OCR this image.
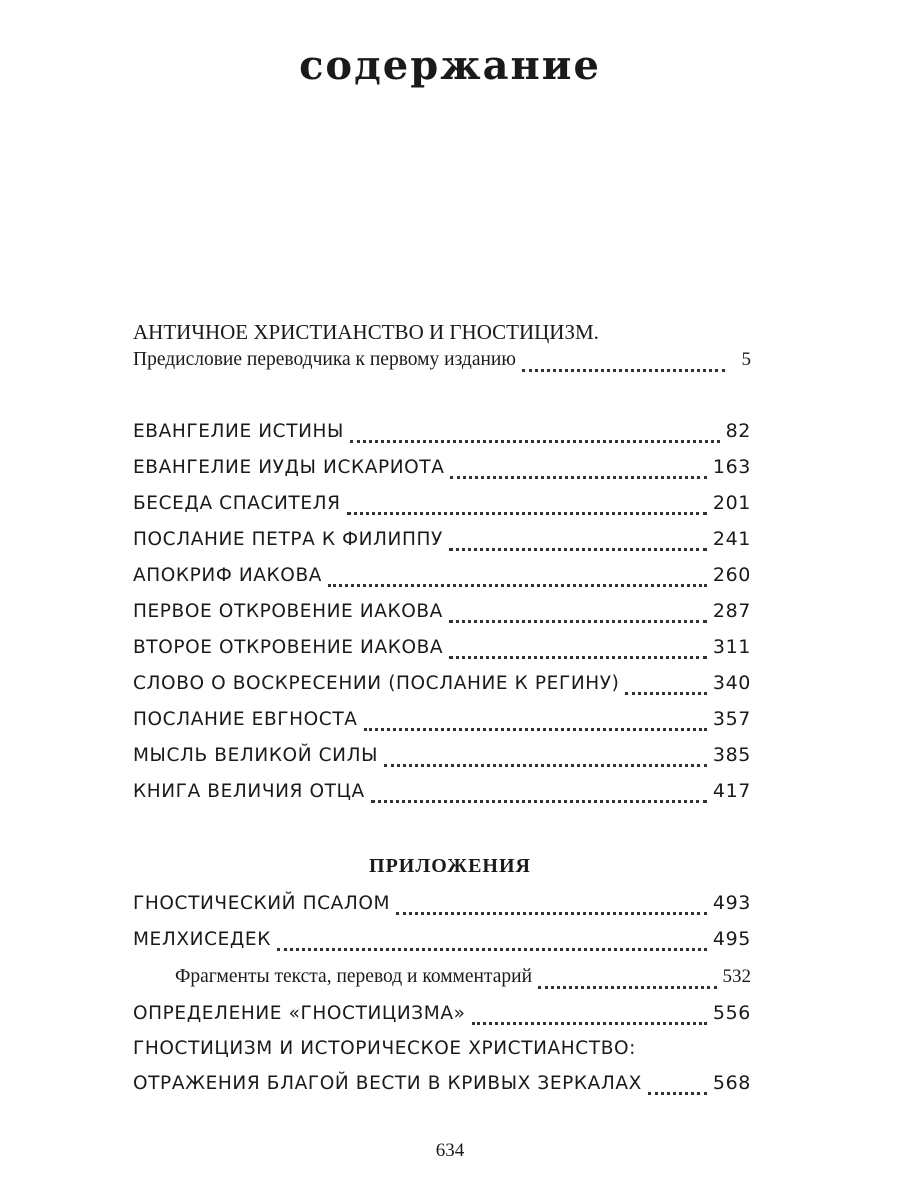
содержание
АНТИЧНОЕ ХРИСТИАНСТВО И ГНОСТИЦИЗМ.
Предисловие переводчика к первому изданию	5
ЕВАНГЕЛИЕ ИСТИНЫ	82
ЕВАНГЕЛИЕ ИУДЫ ИСКАРИОТА	163
БЕСЕДА СПАСИТЕЛЯ	201
ПОСЛАНИЕ ПЕТРА К ФИЛИППУ	241
АПОКРИФ ИАКОВА	260
ПЕРВОЕ ОТКРОВЕНИЕ ИАКОВА	287
ВТОРОЕ ОТКРОВЕНИЕ ИАКОВА	311
СЛОВО О ВОСКРЕСЕНИИ (ПОСЛАНИЕ К РЕГИНУ)	340
ПОСЛАНИЕ ЕВГНОСТА	357
МЫСЛЬ ВЕЛИКОЙ СИЛЫ	385
КНИГА ВЕЛИЧИЯ ОТЦА	417
ПРИЛОЖЕНИЯ
ГНОСТИЧЕСКИЙ ПСАЛОМ	493
МЕЛХИСЕДЕК	495
Фрагменты текста, перевод и комментарий	532
ОПРЕДЕЛЕНИЕ «ГНОСТИЦИЗМА»	556
ГНОСТИЦИЗМ И ИСТОРИЧЕСКОЕ ХРИСТИАНСТВО:
ОТРАЖЕНИЯ БЛАГОЙ ВЕСТИ В КРИВЫХ ЗЕРКАЛАХ	568
634
